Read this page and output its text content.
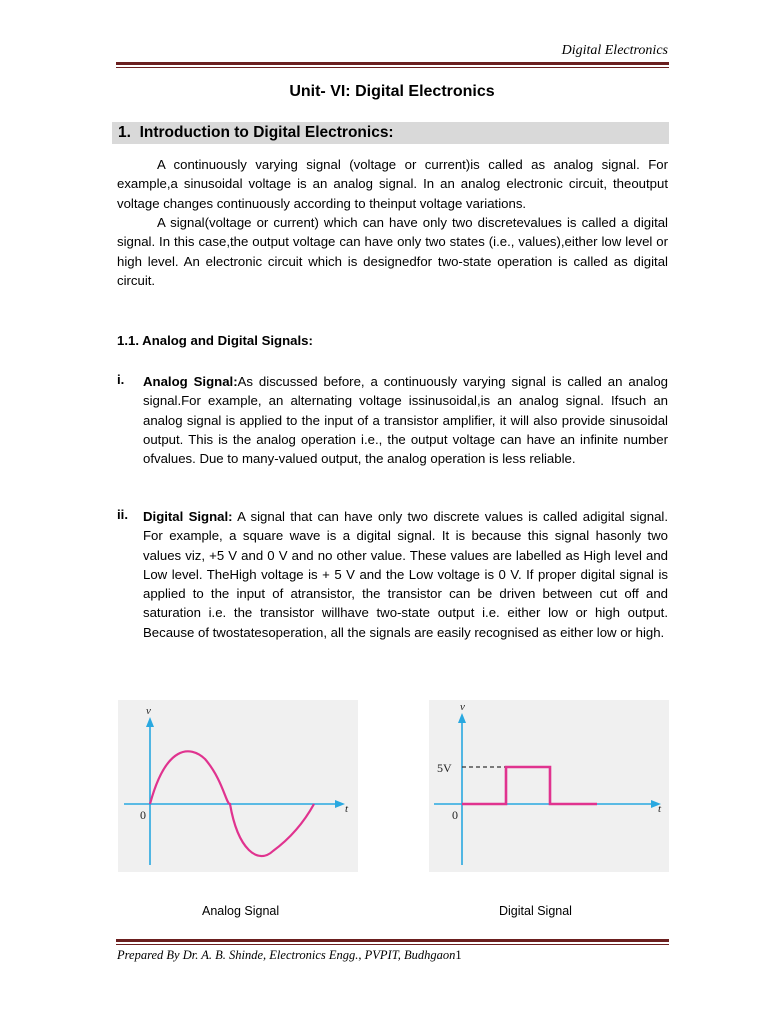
Digital Electronics
Unit- VI: Digital Electronics
1. Introduction to Digital Electronics:

A continuously varying signal (voltage or current)is called as analog signal. For example,a sinusoidal voltage is an analog signal. In an analog electronic circuit, theoutput voltage changes continuously according to theinput voltage variations.

A signal(voltage or current) which can have only two discretevalues is called a digital signal. In this case,the output voltage can have only two states (i.e., values),either low level or high level. An electronic circuit which is designedfor two-state operation is called as digital circuit.

1.1. Analog and Digital Signals:
i. Analog Signal:As discussed before, a continuously varying signal is called an analog signal.For example, an alternating voltage issinusoidal,is an analog signal. Ifsuch an analog signal is applied to the input of a transistor amplifier, it will also provide sinusoidal output. This is the analog operation i.e., the output voltage can have an infinite number ofvalues. Due to many-valued output, the analog operation is less reliable.

ii. Digital Signal: A signal that can have only two discrete values is called adigital signal. For example, a square wave is a digital signal. It is because this signal hasonly two values viz, +5 V and 0 V and no other value. These values are labelled as High level and Low level. TheHigh voltage is + 5 V and the Low voltage is 0 V. If proper digital signal is applied to the input of atransistor, the transistor can be driven between cut off and saturation i.e. the transistor willhave two-state output i.e. either low or high output. Because of twostatesoperation, all the signals are easily recognised as either low or high.

v
t
0
v
t
5V
0
Analog Signal	Digital Signal
Prepared By Dr. A. B. Shinde, Electronics Engg., PVPIT, Budhgaon1
